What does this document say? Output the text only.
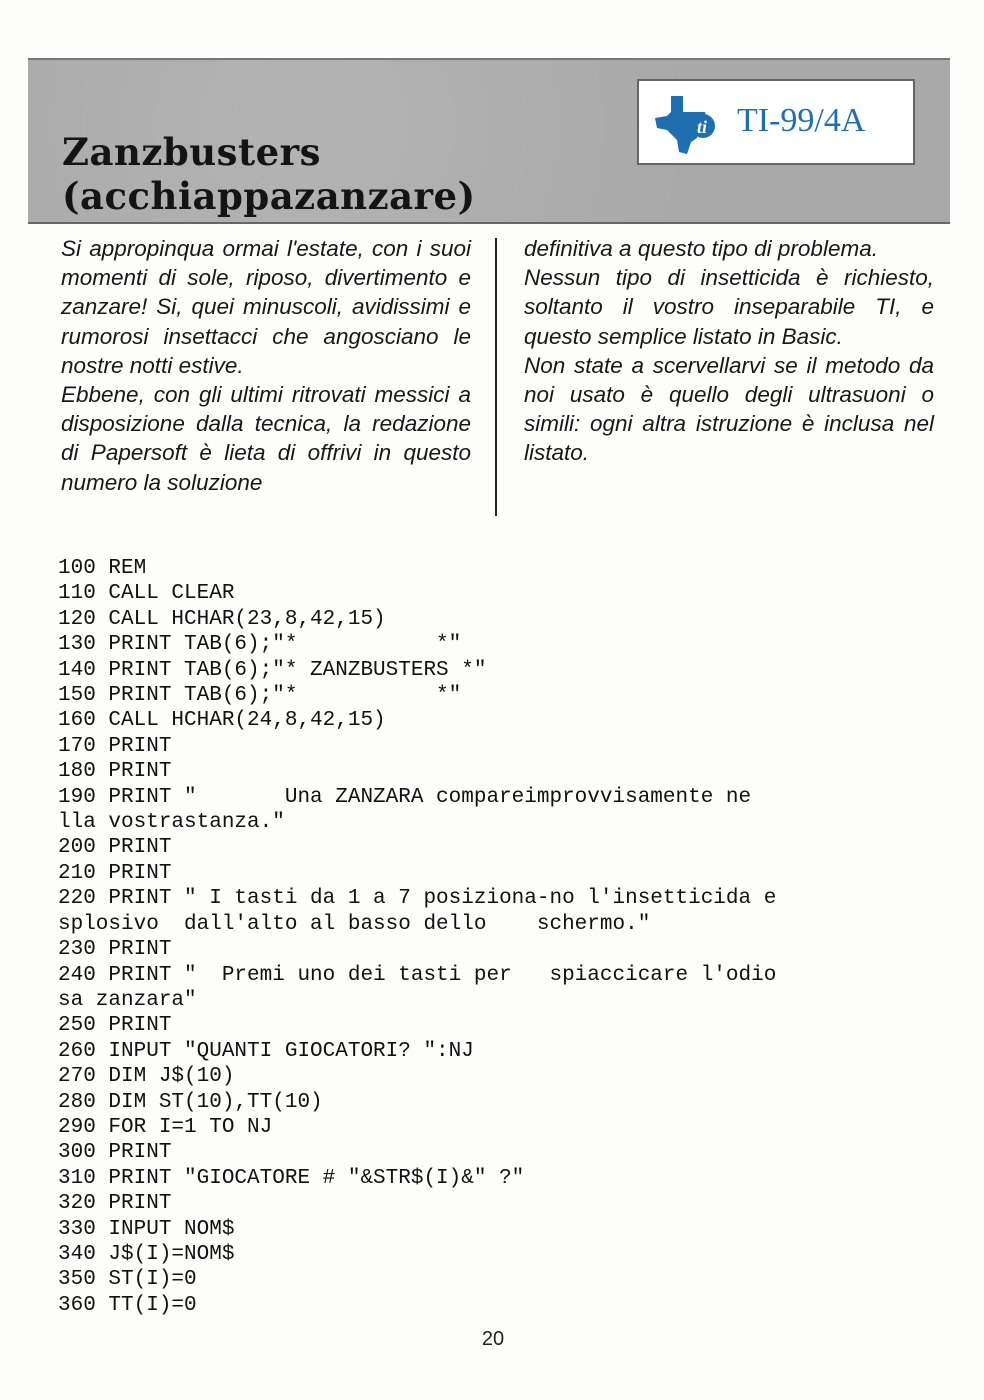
Zanzbusters
(acchiappazanzare)
ti TI-99/4A

Si appropinqua ormai l'estate, con i suoi momenti di sole, riposo, divertimento e zanzare! Si, quei minuscoli, avidissimi e rumorosi insettacci che angosciano le nostre notti estive.

Ebbene, con gli ultimi ritrovati messici a disposizione dalla tecnica, la redazione di Papersoft è lieta di offrivi in questo numero la soluzione

definitiva a questo tipo di problema.

Nessun tipo di insetticida è richiesto, soltanto il vostro inseparabile TI, e questo semplice listato in Basic.

Non state a scervellarvi se il metodo da noi usato è quello degli ultrasuoni o simili: ogni altra istruzione è inclusa nel listato.

100 REM
110 CALL CLEAR
120 CALL HCHAR(23,8,42,15)
130 PRINT TAB(6);"*           *"
140 PRINT TAB(6);"* ZANZBUSTERS *"
150 PRINT TAB(6);"*           *"
160 CALL HCHAR(24,8,42,15)
170 PRINT
180 PRINT
190 PRINT "       Una ZANZARA compareimprovvisamente ne
lla vostrastanza."
200 PRINT
210 PRINT
220 PRINT " I tasti da 1 a 7 posiziona-no l'insetticida e
splosivo  dall'alto al basso dello    schermo."
230 PRINT
240 PRINT "  Premi uno dei tasti per   spiaccicare l'odio
sa zanzara"
250 PRINT
260 INPUT "QUANTI GIOCATORI? ":NJ
270 DIM J$(10)
280 DIM ST(10),TT(10)
290 FOR I=1 TO NJ
300 PRINT
310 PRINT "GIOCATORE # "&STR$(I)&" ?"
320 PRINT
330 INPUT NOM$
340 J$(I)=NOM$
350 ST(I)=0
360 TT(I)=0
20
